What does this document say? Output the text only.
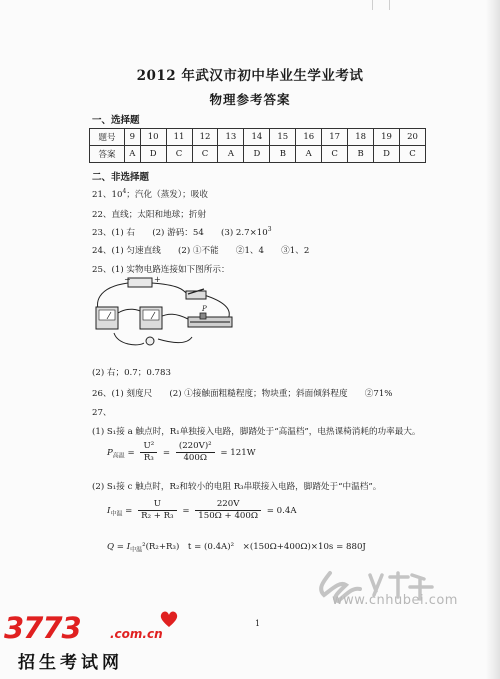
2012 年武汉市初中毕业生学业考试
物理参考答案
一、选择题
题号	9	10	11	12	13	14	15	16	17	18	19	20
答案	A	D	C	C	A	D	B	A	C	B	D	C
二、非选择题
21、$10^4$；汽化（蒸发）；吸收
22、直线；太阳和地球；折射
23、(1) 右　　(2) 游码：54　　(3) $2.7\times 10^3$
24、(1) 匀速直线　　(2) ①不能　　②1、4　　③1、2
25、(1) 实物电路连接如下图所示：
−	+
P
(2) 右；0.7；0.783
26、(1) 刻度尺　　(2) ①接触面粗糙程度；物块重；斜面倾斜程度　　②71%
27、
(1) S₁接 a 触点时，R₁单独接入电路，脚踏处于“高温档”，电热课椅消耗的功率最大。
$P_{高温} = \frac{\text{U²}}{\text{R₃}} = \frac{\text{(220V)²}}{400\Omega} = 121W$
(2) S₁接 c 触点时，R₂和较小的电阻 R₃串联接入电路，脚踏处于“中温档”。
$I_{中温} = \frac{U}{\text{R₂ + R₃}} = \frac{220V}{150\Omega + 400\Omega} = 0.4A$
$Q = I_{中温}^2(R_2+R_3)$　t = (0.4A)²　×(150Ω+400Ω)×10s = 880J
www.cnhubei.com
1
3773 .com.cn
招生考试网
